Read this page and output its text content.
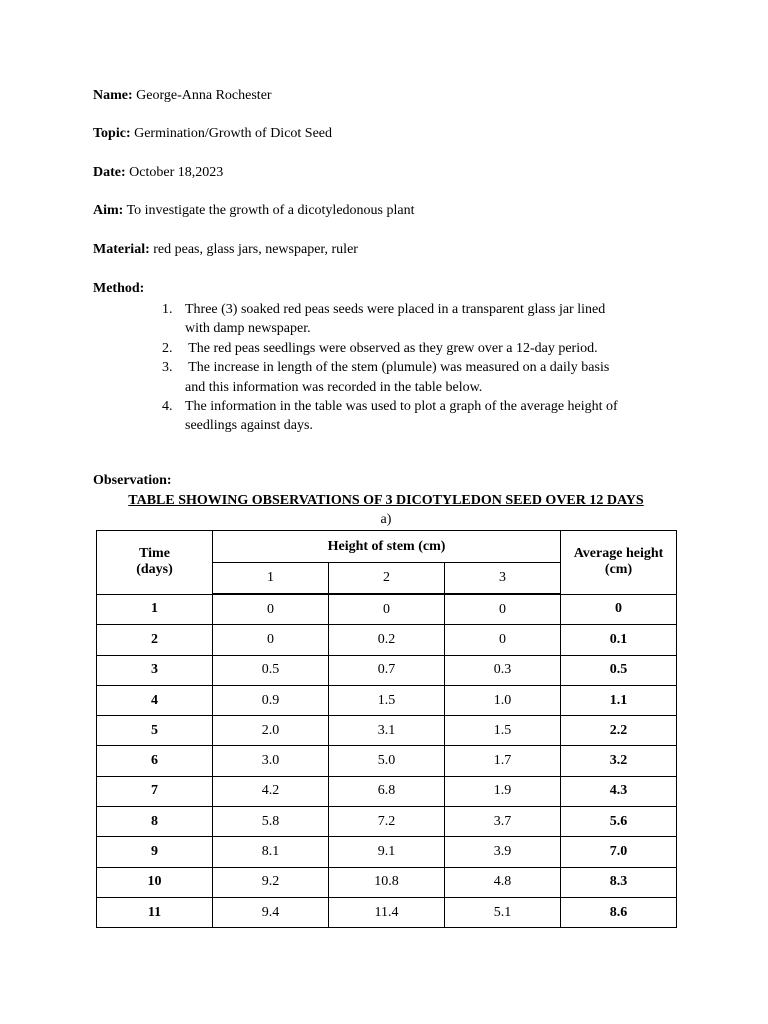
Name: George-Anna Rochester
Topic: Germination/Growth of Dicot Seed
Date: October 18,2023
Aim: To investigate the growth of a dicotyledonous plant
Material: red peas, glass jars, newspaper, ruler
Method:
1. Three (3) soaked red peas seeds were placed in a transparent glass jar lined
with damp newspaper.
2. The red peas seedlings were observed as they grew over a 12-day period.
3. The increase in length of the stem (plumule) was measured on a daily basis
and this information was recorded in the table below.
4. The information in the table was used to plot a graph of the average height of
seedlings against days.
Observation:
TABLE SHOWING OBSERVATIONS OF 3 DICOTYLEDON SEED OVER 12 DAYS
a)
Time
(days)	Height of stem (cm)			Average height
(cm)
	1	2	3	
1	0	0	0	0
2	0	0.2	0	0.1
3	0.5	0.7	0.3	0.5
4	0.9	1.5	1.0	1.1
5	2.0	3.1	1.5	2.2
6	3.0	5.0	1.7	3.2
7	4.2	6.8	1.9	4.3
8	5.8	7.2	3.7	5.6
9	8.1	9.1	3.9	7.0
10	9.2	10.8	4.8	8.3
11	9.4	11.4	5.1	8.6
